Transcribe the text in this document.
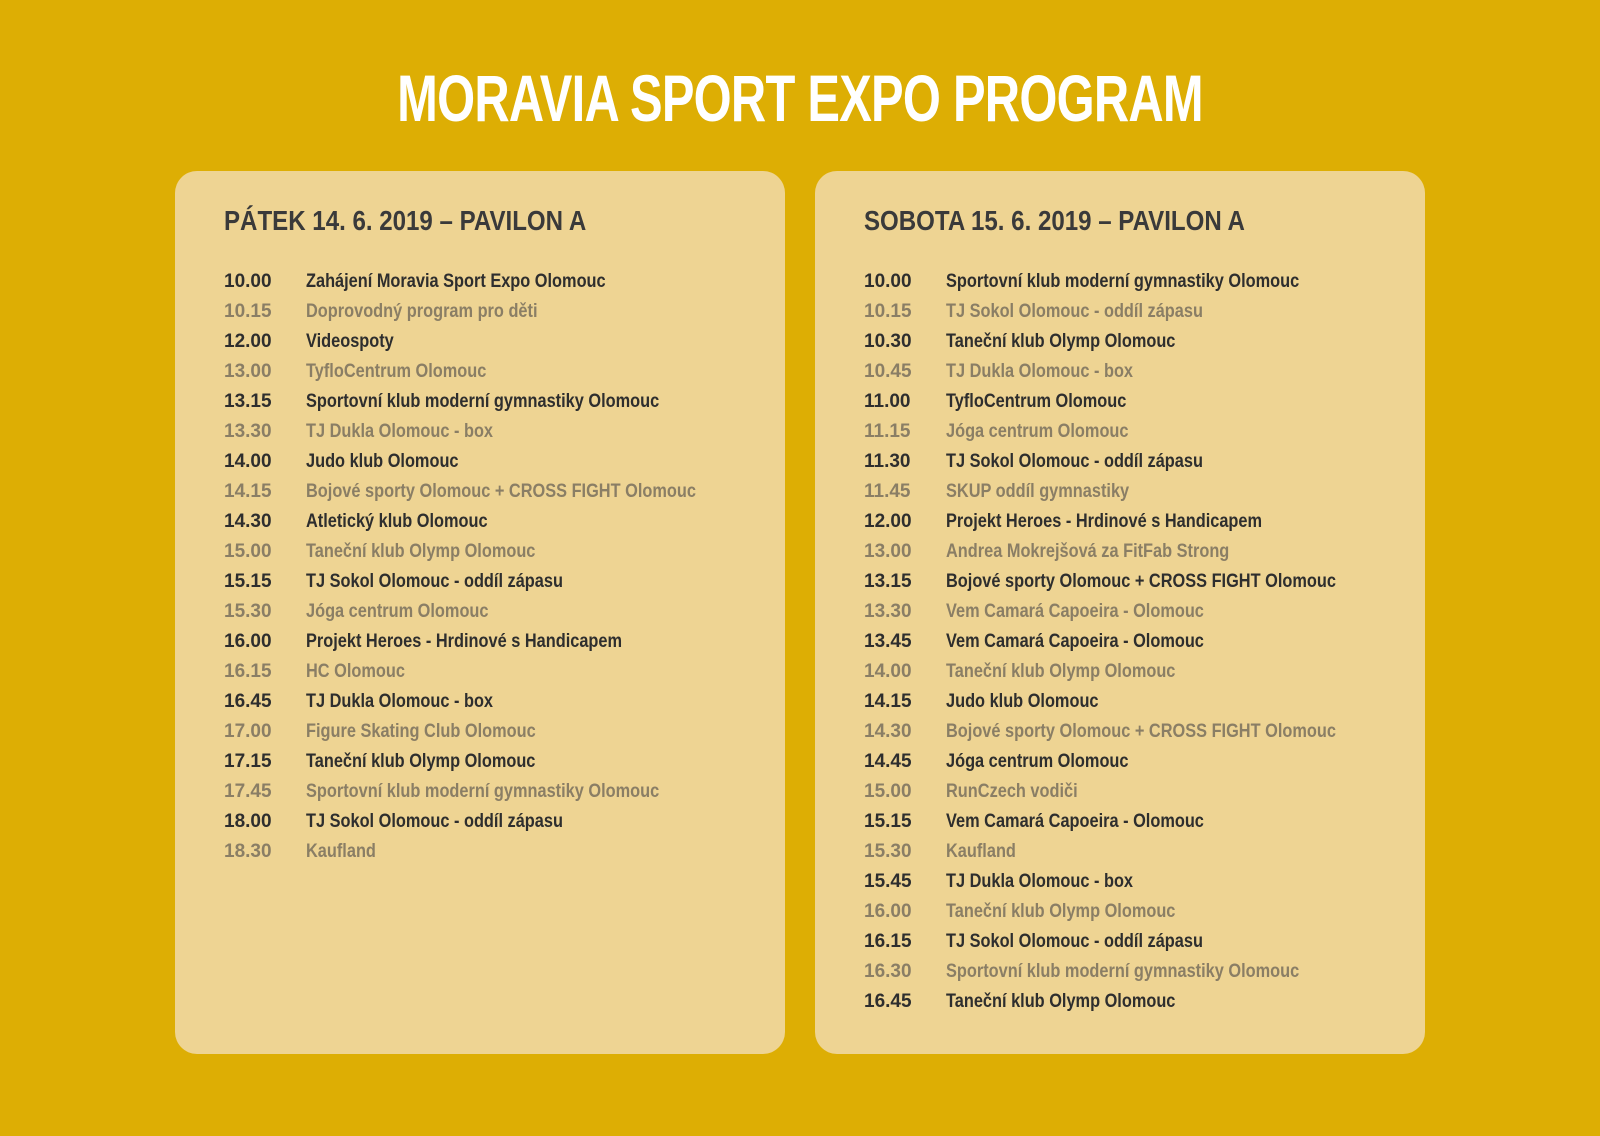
MORAVIA SPORT EXPO PROGRAM
PÁTEK 14. 6. 2019 – PAVILON A
10.00	Zahájení Moravia Sport Expo Olomouc
10.15	Doprovodný program pro děti
12.00	Videospoty
13.00	TyfloCentrum Olomouc
13.15	Sportovní klub moderní gymnastiky Olomouc
13.30	TJ Dukla Olomouc - box
14.00	Judo klub Olomouc
14.15	Bojové sporty Olomouc + CROSS FIGHT Olomouc
14.30	Atletický klub Olomouc
15.00	Taneční klub Olymp Olomouc
15.15	TJ Sokol Olomouc - oddíl zápasu
15.30	Jóga centrum Olomouc
16.00	Projekt Heroes - Hrdinové s Handicapem
16.15	HC Olomouc
16.45	TJ Dukla Olomouc - box
17.00	Figure Skating Club Olomouc
17.15	Taneční klub Olymp Olomouc
17.45	Sportovní klub moderní gymnastiky Olomouc
18.00	TJ Sokol Olomouc - oddíl zápasu
18.30	Kaufland
SOBOTA 15. 6. 2019 – PAVILON A
10.00	Sportovní klub moderní gymnastiky Olomouc
10.15	TJ Sokol Olomouc - oddíl zápasu
10.30	Taneční klub Olymp Olomouc
10.45	TJ Dukla Olomouc - box
11.00	TyfloCentrum Olomouc
11.15	Jóga centrum Olomouc
11.30	TJ Sokol Olomouc - oddíl zápasu
11.45	SKUP oddíl gymnastiky
12.00	Projekt Heroes - Hrdinové s Handicapem
13.00	Andrea Mokrejšová za FitFab Strong
13.15	Bojové sporty Olomouc + CROSS FIGHT Olomouc
13.30	Vem Camará Capoeira - Olomouc
13.45	Vem Camará Capoeira - Olomouc
14.00	Taneční klub Olymp Olomouc
14.15	Judo klub Olomouc
14.30	Bojové sporty Olomouc + CROSS FIGHT Olomouc
14.45	Jóga centrum Olomouc
15.00	RunCzech vodiči
15.15	Vem Camará Capoeira - Olomouc
15.30	Kaufland
15.45	TJ Dukla Olomouc - box
16.00	Taneční klub Olymp Olomouc
16.15	TJ Sokol Olomouc - oddíl zápasu
16.30	Sportovní klub moderní gymnastiky Olomouc
16.45	Taneční klub Olymp Olomouc
